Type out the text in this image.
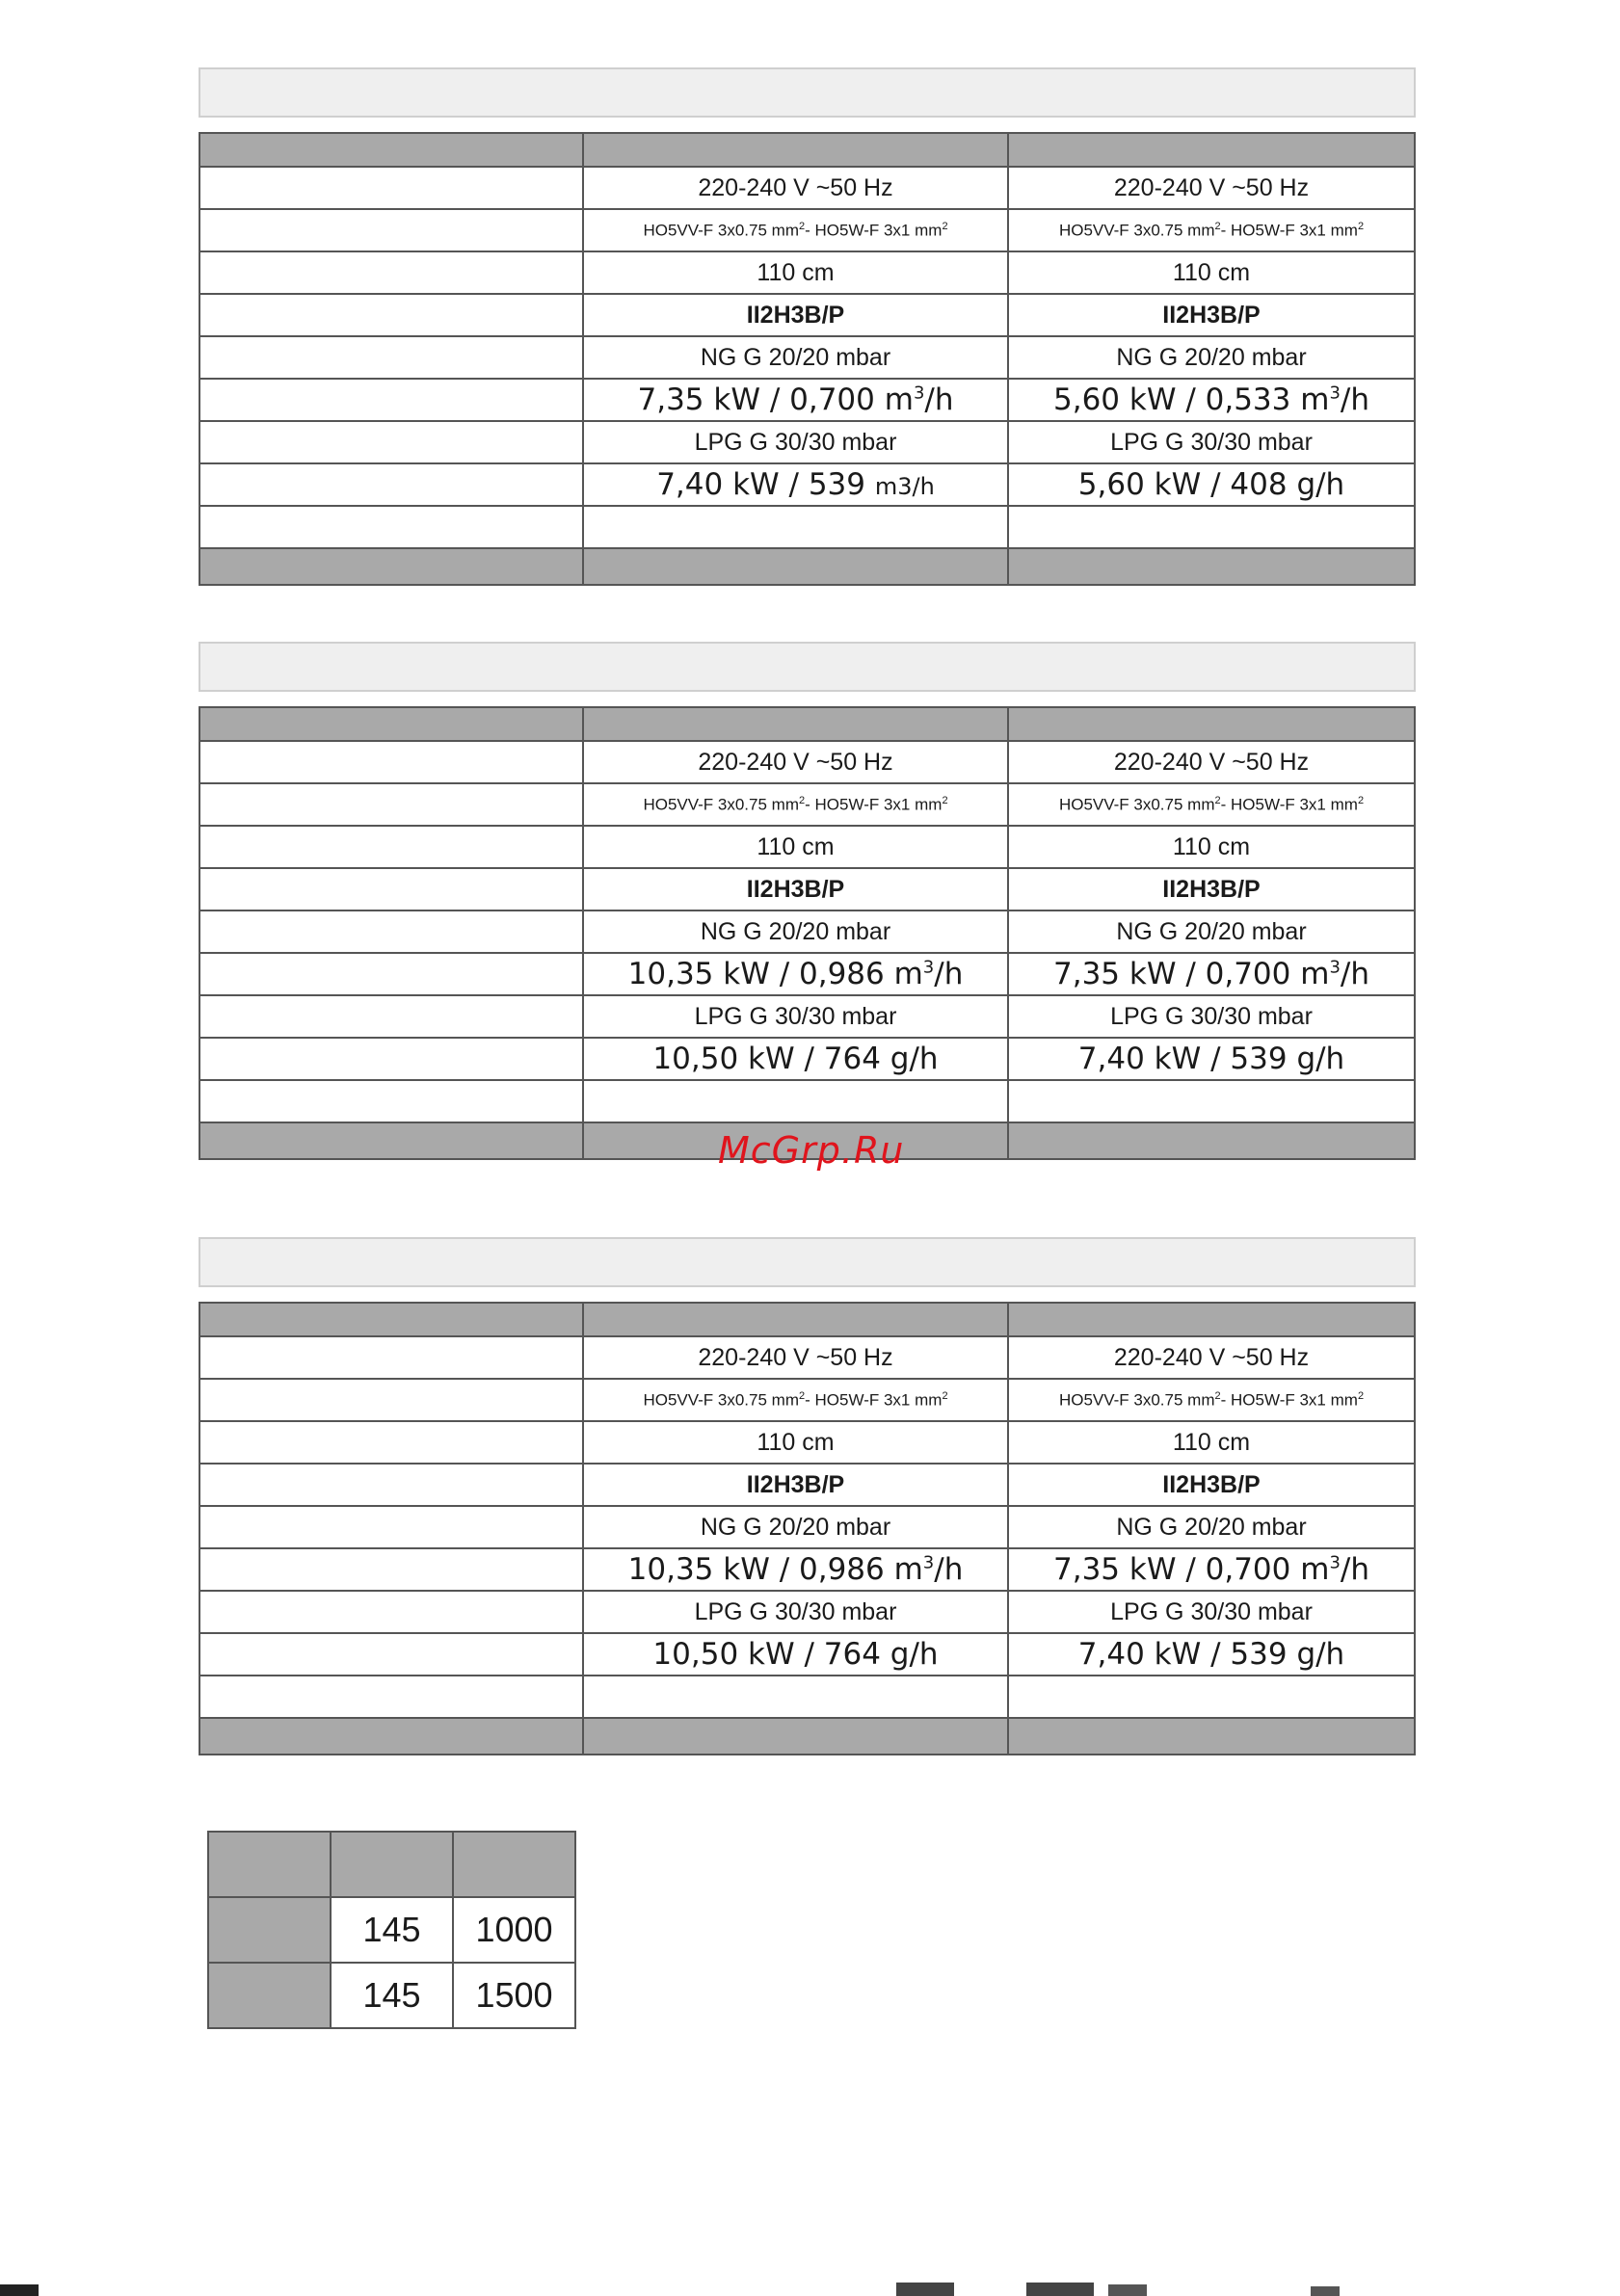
	220-240 V ~50 Hz	220-240 V ~50 Hz
	HO5VV-F 3x0.75 $mm^2-$ HO5W-F 3x1 $mm^2$	HO5VV-F 3x0.75 $mm^2-$ HO5W-F 3x1 $mm^2$
	110 cm	110 cm
	II2H3B/P	II2H3B/P
	NG G 20/20 mbar	NG G 20/20 mbar
	7,35 kW / 0,700 $m^3/h$	5,60 kW / 0,533 $m^3/h$
	LPG G 30/30 mbar	LPG G 30/30 mbar
	7,40 kW / 539 m3/h	5,60 kW / 408 g/h

	220-240 V ~50 Hz	220-240 V ~50 Hz
	HO5VV-F 3x0.75 $mm^2-$ HO5W-F 3x1 $mm^2$	HO5VV-F 3x0.75 $mm^2-$ HO5W-F 3x1 $mm^2$
	110 cm	110 cm
	II2H3B/P	II2H3B/P
	NG G 20/20 mbar	NG G 20/20 mbar
	10,35 kW / 0,986 $m^3/h$	7,35 kW / 0,700 $m^3/h$
	LPG G 30/30 mbar	LPG G 30/30 mbar
	10,50 kW / 764 g/h	7,40 kW / 539 g/h

McGrp.Ru

	220-240 V ~50 Hz	220-240 V ~50 Hz
	HO5VV-F 3x0.75 $mm^2-$ HO5W-F 3x1 $mm^2$	HO5VV-F 3x0.75 $mm^2-$ HO5W-F 3x1 $mm^2$
	110 cm	110 cm
	II2H3B/P	II2H3B/P
	NG G 20/20 mbar	NG G 20/20 mbar
	10,35 kW / 0,986 $m^3/h$	7,35 kW / 0,700 $m^3/h$
	LPG G 30/30 mbar	LPG G 30/30 mbar
	10,50 kW / 764 g/h	7,40 kW / 539 g/h

	145	1000
	145	1500
